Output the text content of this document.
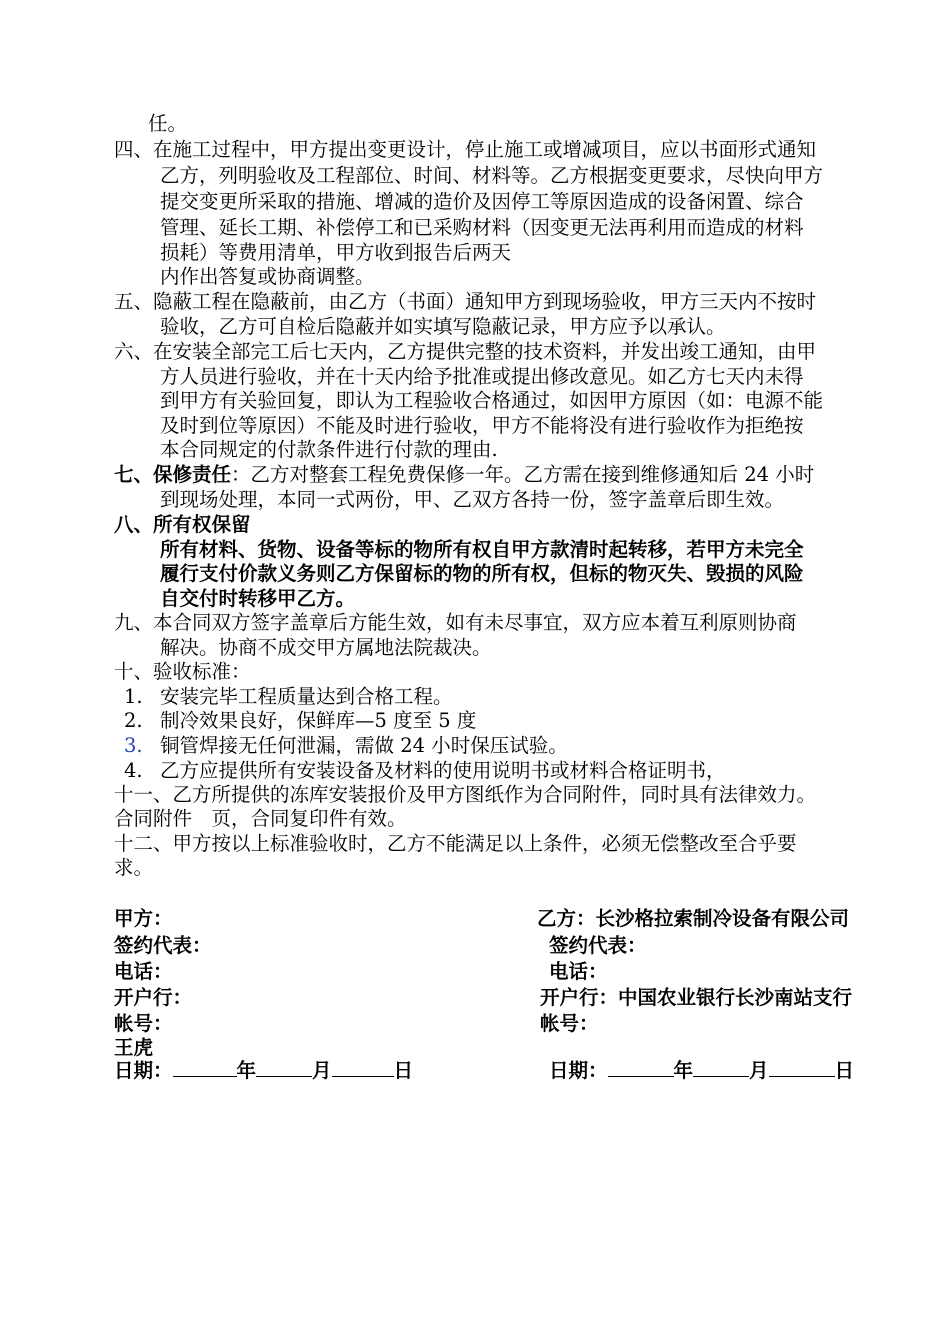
任。
四、在施工过程中，甲方提出变更设计，停止施工或增减项目，应以书面形式通知
乙方，列明验收及工程部位、时间、材料等。乙方根据变更要求，尽快向甲方
提交变更所采取的措施、增减的造价及因停工等原因造成的设备闲置、综合
管理、延长工期、补偿停工和已采购材料（因变更无法再利用而造成的材料
损耗）等费用清单，甲方收到报告后两天
内作出答复或协商调整。
五、隐蔽工程在隐蔽前，由乙方（书面）通知甲方到现场验收，甲方三天内不按时
验收，乙方可自检后隐蔽并如实填写隐蔽记录，甲方应予以承认。
六、在安装全部完工后七天内，乙方提供完整的技术资料，并发出竣工通知，由甲
方人员进行验收，并在十天内给予批准或提出修改意见。如乙方七天内未得
到甲方有关验回复，即认为工程验收合格通过，如因甲方原因（如：电源不能
及时到位等原因）不能及时进行验收，甲方不能将没有进行验收作为拒绝按
本合同规定的付款条件进行付款的理由.
七、保修责任：乙方对整套工程免费保修一年。乙方需在接到维修通知后 24 小时
到现场处理，本同一式两份，甲、乙双方各持一份，签字盖章后即生效。
八、所有权保留
所有材料、货物、设备等标的物所有权自甲方款清时起转移，若甲方未完全
履行支付价款义务则乙方保留标的物的所有权，但标的物灭失、毁损的风险
自交付时转移甲乙方。
九、本合同双方签字盖章后方能生效，如有未尽事宜，双方应本着互利原则协商
解决。协商不成交甲方属地法院裁决。
十、验收标准：
1. 安装完毕工程质量达到合格工程。
2. 制冷效果良好，保鲜库—5 度至 5 度
3. 铜管焊接无任何泄漏，需做 24 小时保压试验。
4. 乙方应提供所有安装设备及材料的使用说明书或材料合格证明书，
十一、乙方所提供的冻库安装报价及甲方图纸作为合同附件，同时具有法律效力。
合同附件　页，合同复印件有效。
十二、甲方按以上标准验收时，乙方不能满足以上条件，必须无偿整改至合乎要
求。
甲方：
签约代表：
电话：
开户行：
帐号：
王虎
日期：	年	月	日
乙方：长沙格拉索制冷设备有限公司
签约代表：
电话：
开户行：中国农业银行长沙南站支行
帐号：
日期：	年	月	日
